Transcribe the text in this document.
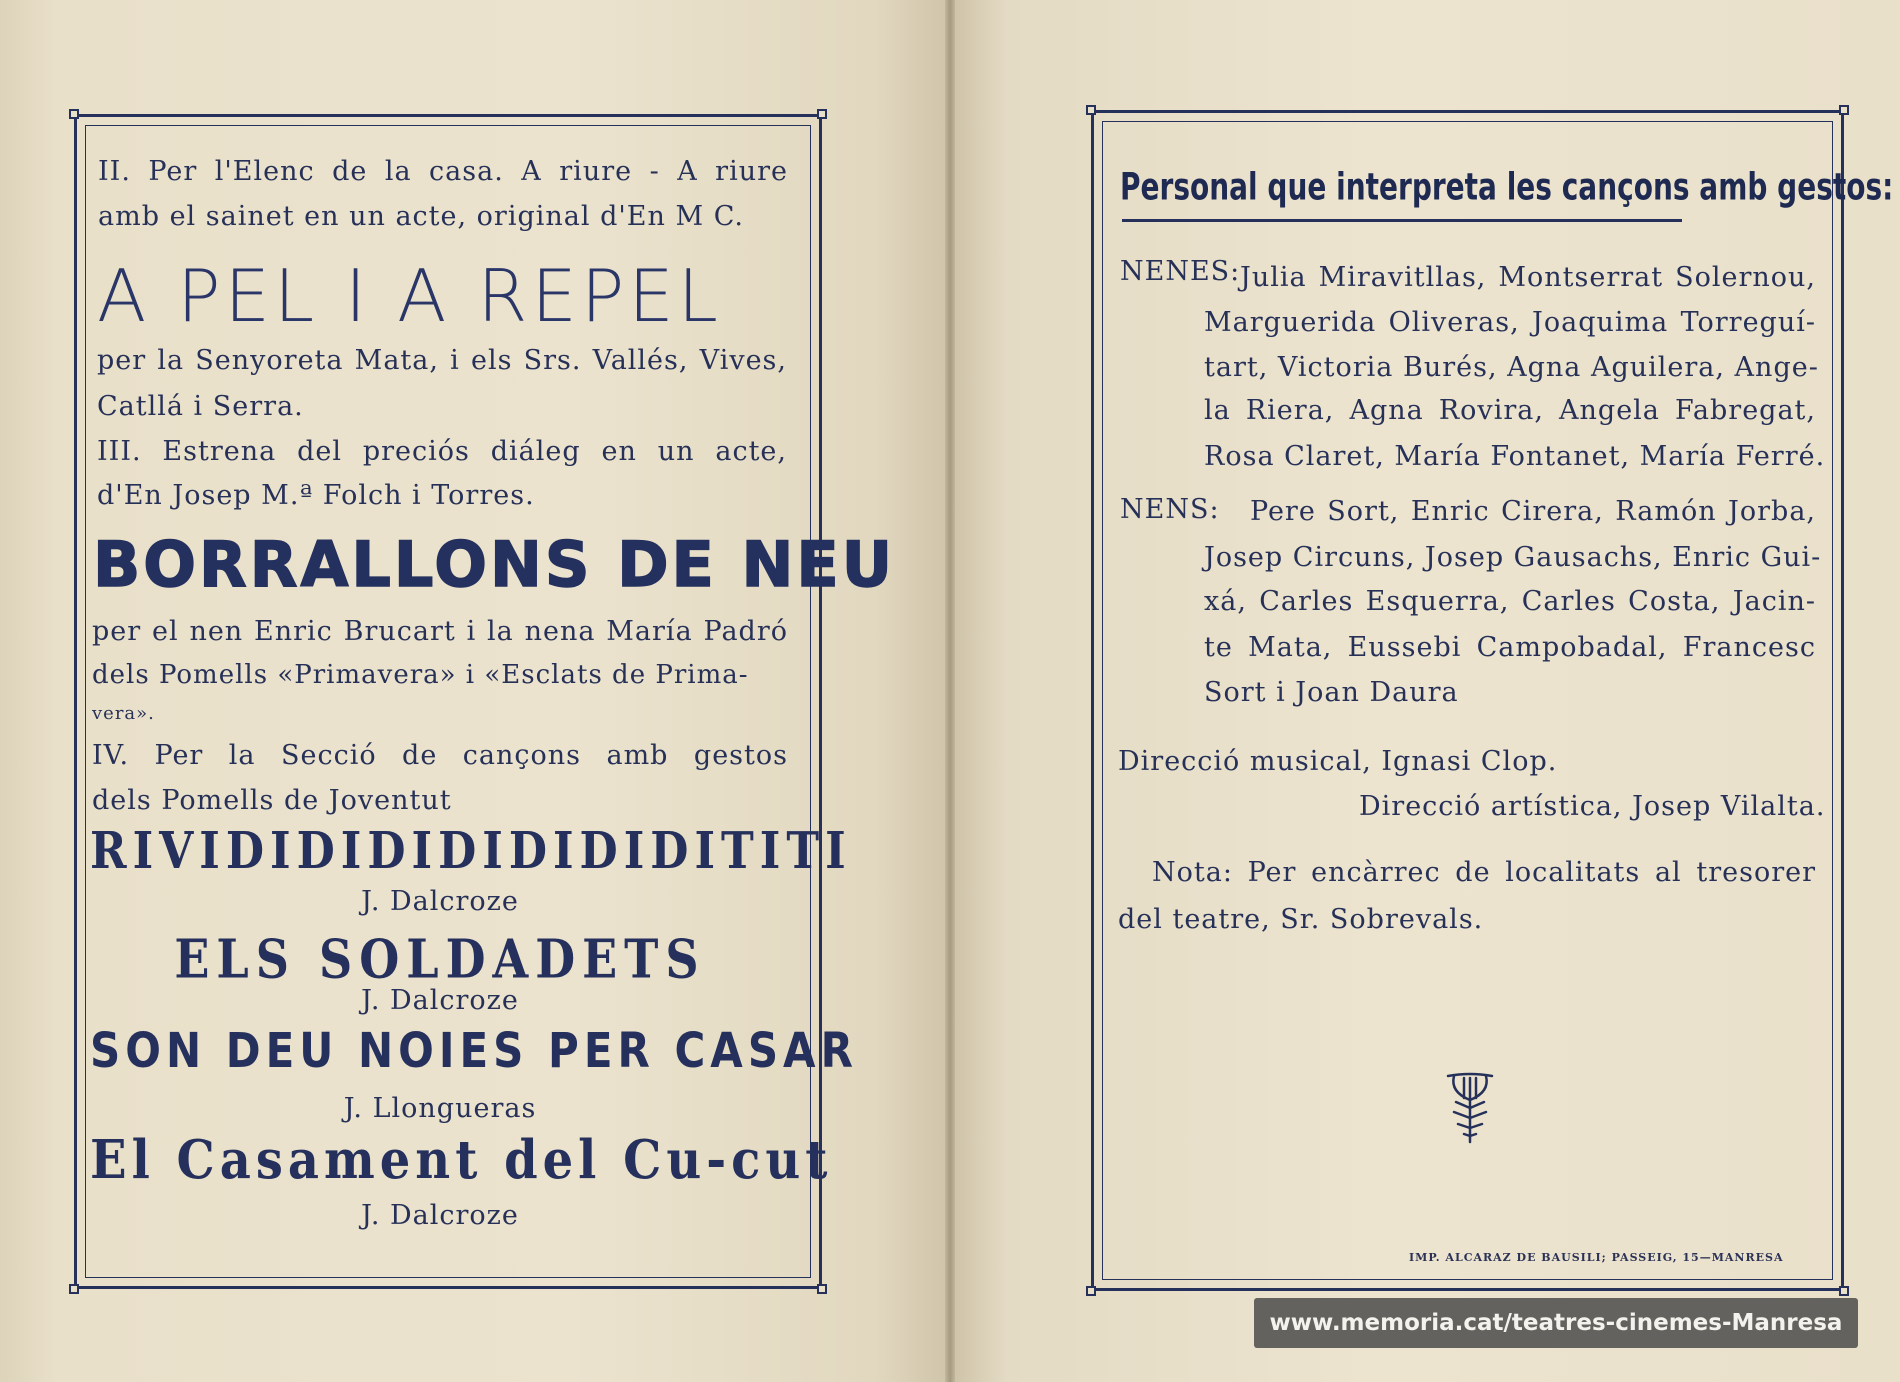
II. Per l'Elenc de la casa. A riure - A riure
amb el sainet en un acte, original d'En M C.
A PEL I A REPEL
per la Senyoreta Mata, i els Srs. Vallés, Vives,
Catllá i Serra.
III. Estrena del preciós diáleg en un acte,
d'En Josep M.ª Folch i Torres.
BORRALLONS DE NEU
per el nen Enric Brucart i la nena María Padró
dels Pomells «Primavera» i «Esclats de Prima-
vera».
IV. Per la Secció de cançons amb gestos
dels Pomells de Joventut
RIVIDIDIDIDIDIDIDITITI
J. Dalcroze
ELS SOLDADETS
J. Dalcroze
SON DEU NOIES PER CASAR
J. Llongueras
El Casament del Cu-cut
J. Dalcroze
Personal que interpreta les cançons amb gestos:
NENES: Julia Miravitllas, Montserrat Solernou,
Marguerida Oliveras, Joaquima Torreguí-
tart, Victoria Burés, Agna Aguilera, Ange-
la Riera, Agna Rovira, Angela Fabregat,
Rosa Claret, María Fontanet, María Ferré.
NENS: Pere Sort, Enric Cirera, Ramón Jorba,
Josep Circuns, Josep Gausachs, Enric Gui-
xá, Carles Esquerra, Carles Costa, Jacin-
te Mata, Eussebi Campobadal, Francesc
Sort i Joan Daura
Direcció musical, Ignasi Clop.
Direcció artística, Josep Vilalta.
Nota: Per encàrrec de localitats al tresorer
del teatre, Sr. Sobrevals.
IMP. ALCARAZ DE BAUSILI; PASSEIG, 15—MANRESA
www.memoria.cat/teatres-cinemes-Manresa
